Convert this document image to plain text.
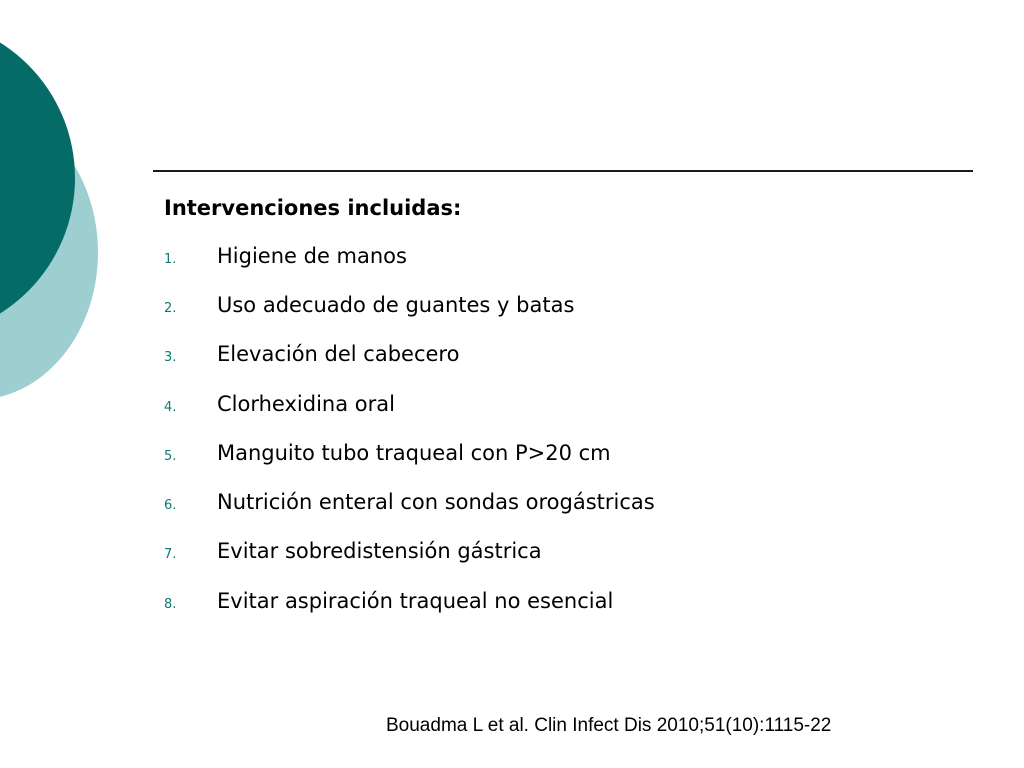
Intervenciones incluidas:
1. Higiene de manos
2. Uso adecuado de guantes y batas
3. Elevación del cabecero
4. Clorhexidina oral
5. Manguito tubo traqueal con P>20 cm
6. Nutrición enteral con sondas orogástricas
7. Evitar sobredistensión gástrica
8. Evitar aspiración traqueal no esencial
Bouadma L et al. Clin Infect Dis 2010;51(10):1115-22
